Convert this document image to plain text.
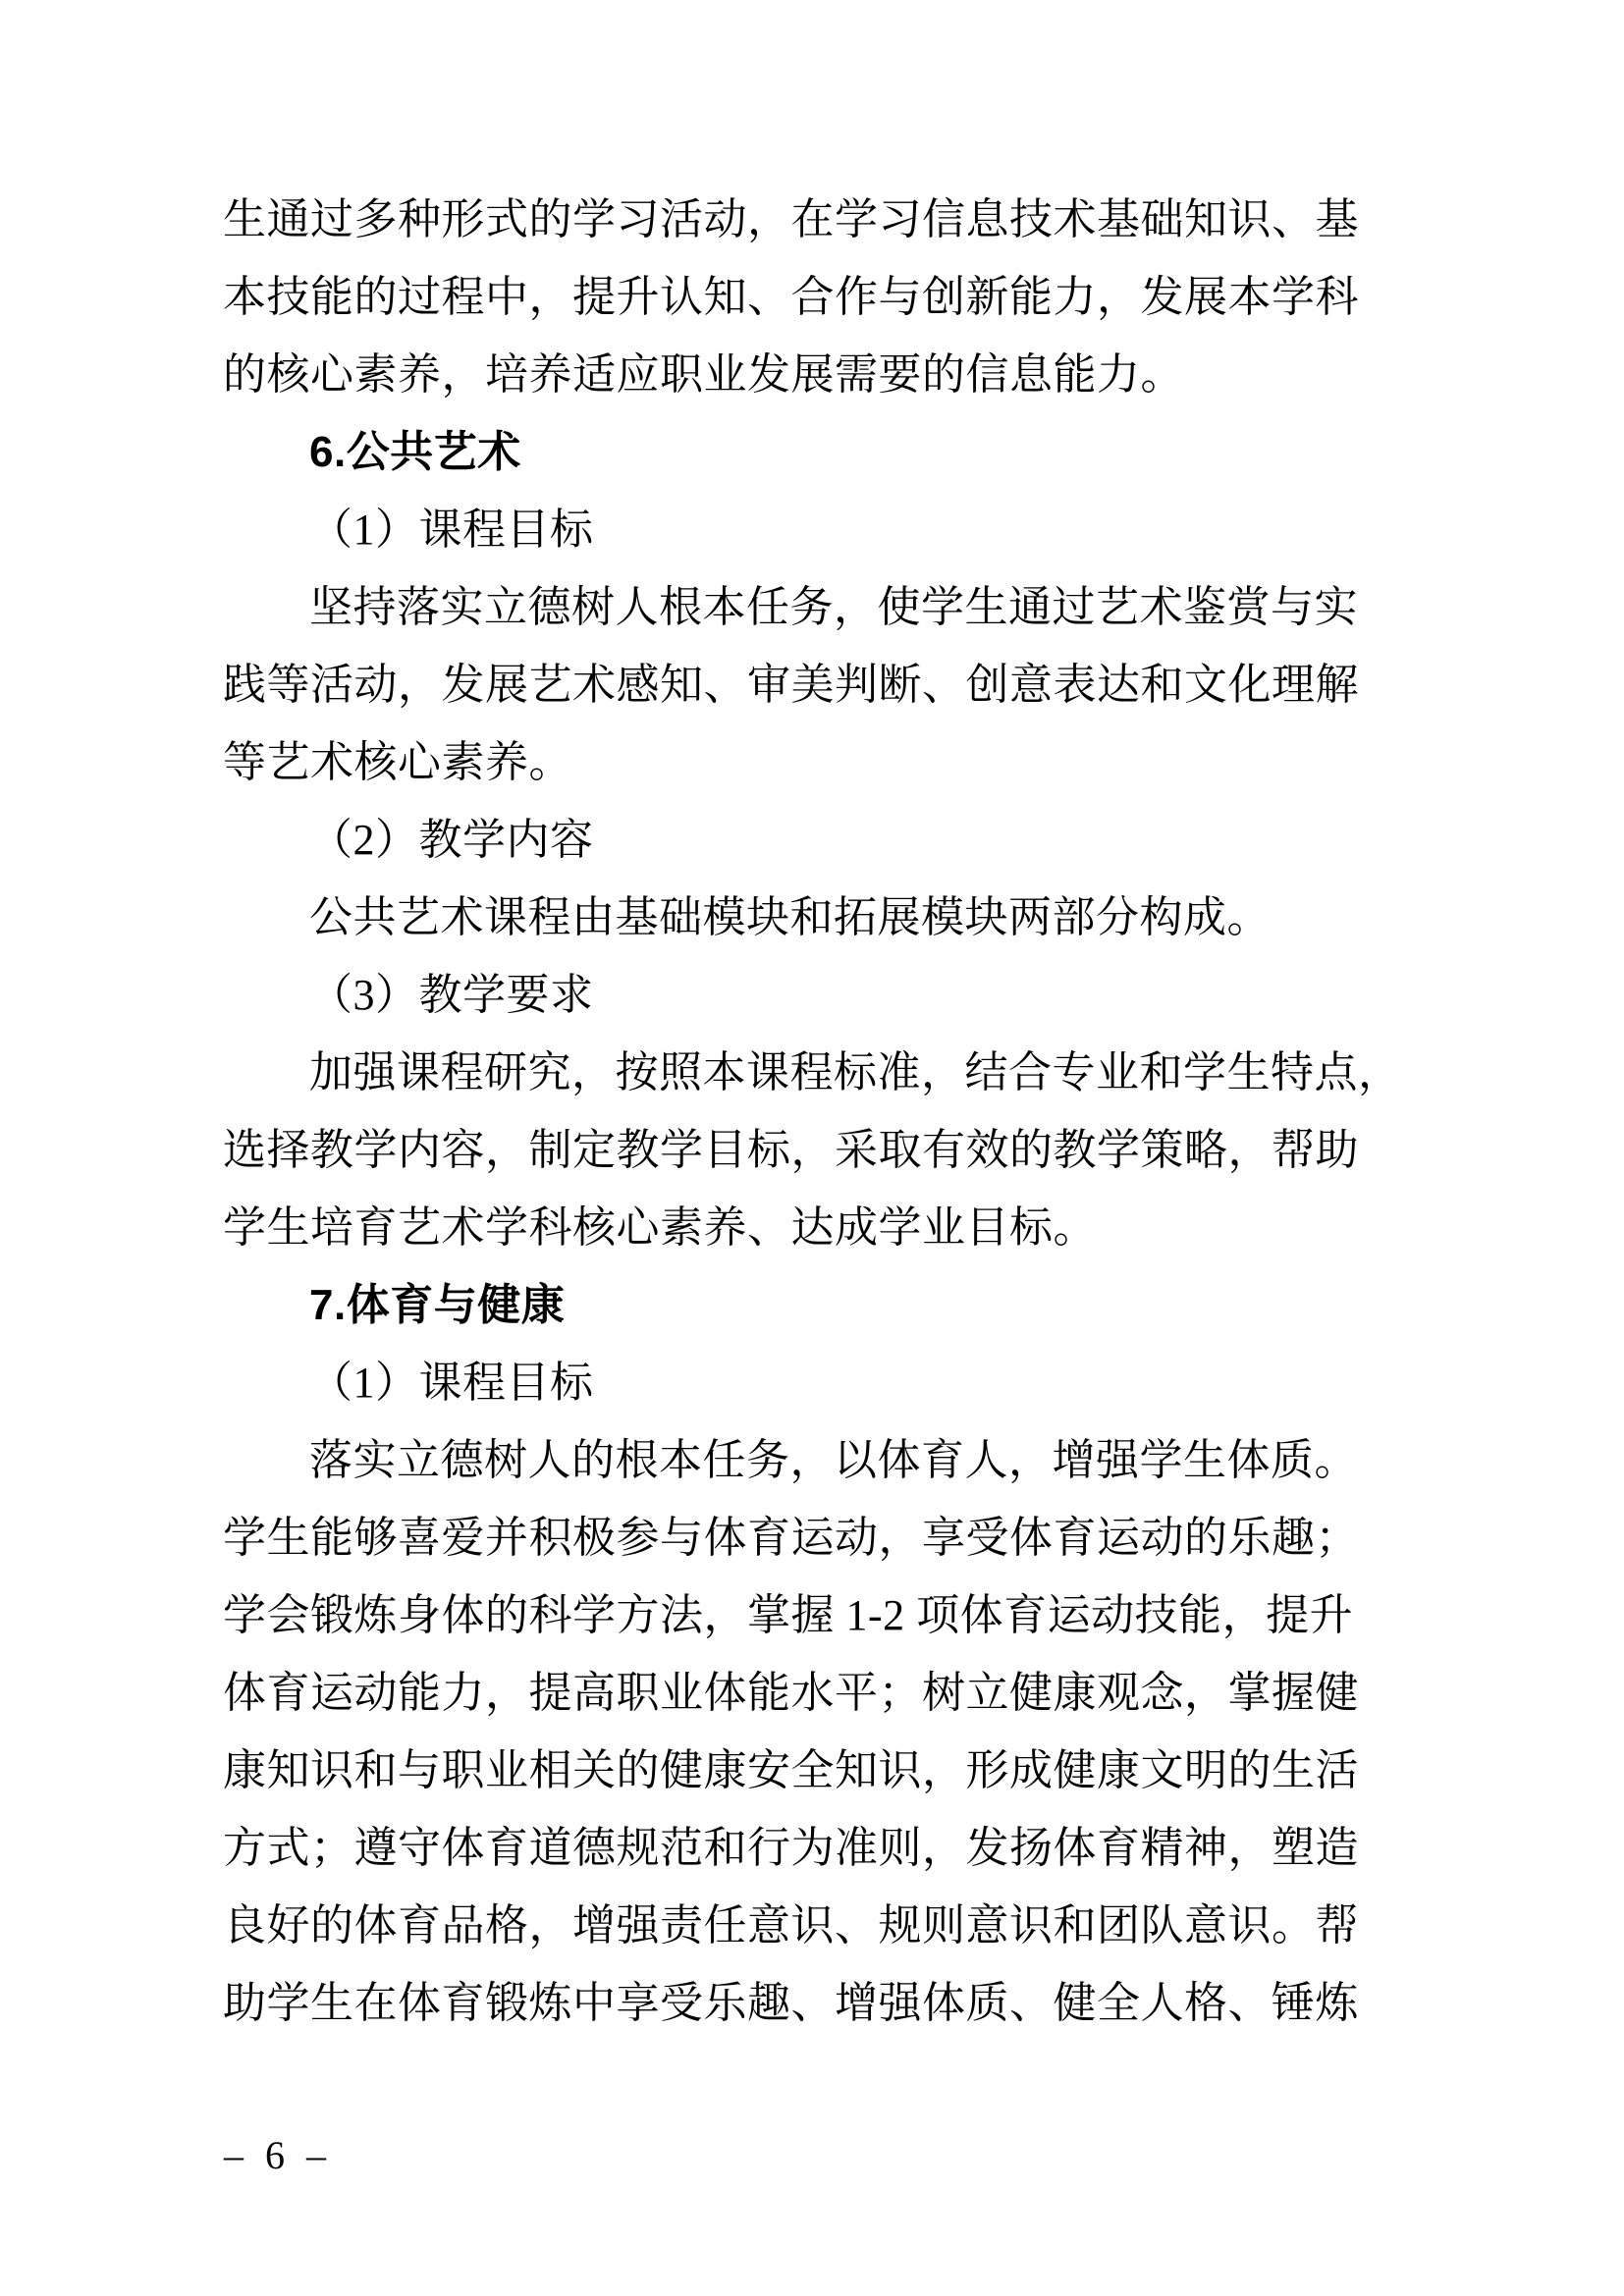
生通过多种形式的学习活动，在学习信息技术基础知识、基
本技能的过程中，提升认知、合作与创新能力，发展本学科
的核心素养，培养适应职业发展需要的信息能力。
6.公共艺术
（1）课程目标
坚持落实立德树人根本任务，使学生通过艺术鉴赏与实
践等活动，发展艺术感知、审美判断、创意表达和文化理解
等艺术核心素养。
（2）教学内容
公共艺术课程由基础模块和拓展模块两部分构成。
（3）教学要求
加强课程研究，按照本课程标准，结合专业和学生特点，
选择教学内容，制定教学目标，采取有效的教学策略，帮助
学生培育艺术学科核心素养、达成学业目标。
7.体育与健康
（1）课程目标
落实立德树人的根本任务，以体育人，增强学生体质。
学生能够喜爱并积极参与体育运动，享受体育运动的乐趣；
学会锻炼身体的科学方法，掌握 1-2 项体育运动技能，提升
体育运动能力，提高职业体能水平；树立健康观念，掌握健
康知识和与职业相关的健康安全知识，形成健康文明的生活
方式；遵守体育道德规范和行为准则，发扬体育精神，塑造
良好的体育品格，增强责任意识、规则意识和团队意识。帮
助学生在体育锻炼中享受乐趣、增强体质、健全人格、锤炼
– 6 –
